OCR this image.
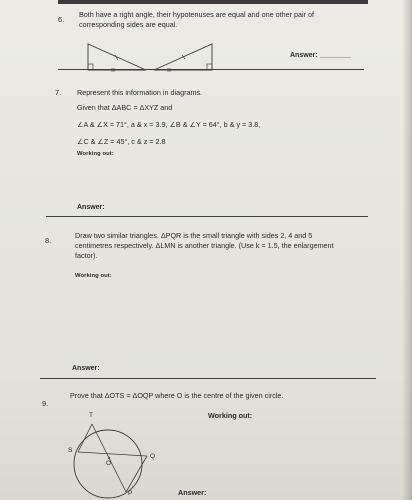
6.
Both have a right angle, their hypotenuses are equal and one other pair of
corresponding sides are equal.
Answer: ________
7. Represent this information in diagrams.
Given that ΔABC = ΔXYZ and
∠A & ∠X = 71°, a & x = 3.9, ∠B & ∠Y = 64°, b & y = 3.8,
∠C & ∠Z = 45°, c & z = 2.8
Working out:
Answer:
8.
Draw two similar triangles. ΔPQR is the small triangle with sides 2, 4 and 5
centimetres respectively. ΔLMN is another triangle. (Use k = 1.5, the enlargement
factor).
Working out:
Answer:
9.
Prove that ΔOTS = ΔOQP where O is the centre of the given circle.
Working out:
T
S
O
Q
P	Answer:
